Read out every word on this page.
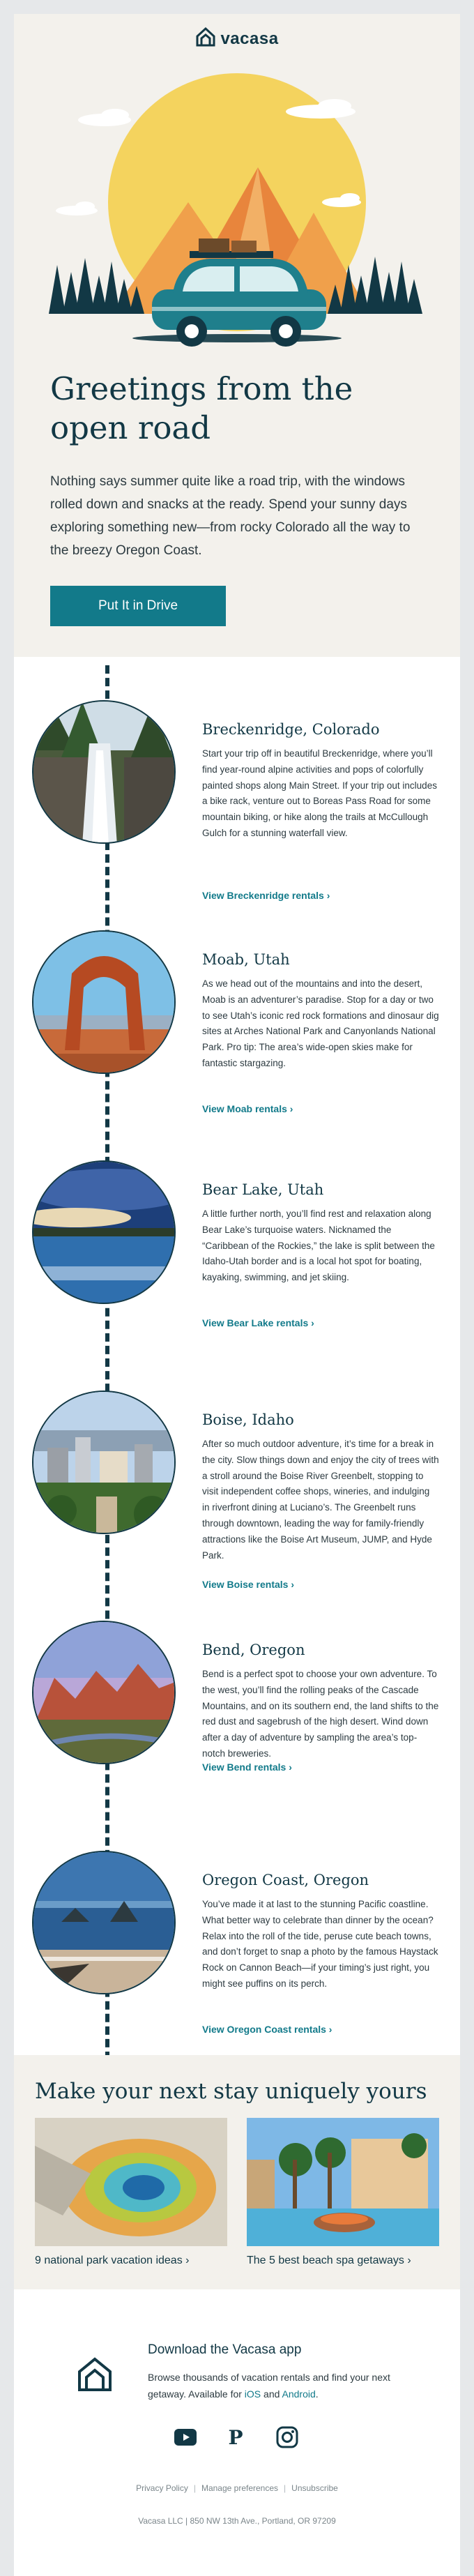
vacasa
Greetings from the open road

Nothing says summer quite like a road trip, with the windows rolled down and snacks at the ready. Spend your sunny days exploring something new—from rocky Colorado all the way to the breezy Oregon Coast.

Put It in Drive
Breckenridge, Colorado

Start your trip off in beautiful Breckenridge, where you’ll find year-round alpine activities and pops of colorfully painted shops along Main Street. If your trip out includes a bike rack, venture out to Boreas Pass Road for some mountain biking, or hike along the trails at McCullough Gulch for a stunning waterfall view.

View Breckenridge rentals ›
Moab, Utah

As we head out of the mountains and into the desert, Moab is an adventurer’s paradise. Stop for a day or two to see Utah’s iconic red rock formations and dinosaur dig sites at Arches National Park and Canyonlands National Park. Pro tip: The area’s wide-open skies make for fantastic stargazing.

View Moab rentals ›
Bear Lake, Utah

A little further north, you’ll find rest and relaxation along Bear Lake’s turquoise waters. Nicknamed the “Caribbean of the Rockies,” the lake is split between the Idaho-Utah border and is a local hot spot for boating, kayaking, swimming, and jet skiing.

View Bear Lake rentals ›
Boise, Idaho

After so much outdoor adventure, it’s time for a break in the city. Slow things down and enjoy the city of trees with a stroll around the Boise River Greenbelt, stopping to visit independent coffee shops, wineries, and indulging in riverfront dining at Luciano’s. The Greenbelt runs through downtown, leading the way for family-friendly attractions like the Boise Art Museum, JUMP, and Hyde Park.

View Boise rentals ›
Bend, Oregon

Bend is a perfect spot to choose your own adventure. To the west, you’ll find the rolling peaks of the Cascade Mountains, and on its southern end, the land shifts to the red dust and sagebrush of the high desert. Wind down after a day of adventure by sampling the area’s top-notch breweries.

View Bend rentals ›
Oregon Coast, Oregon

You’ve made it at last to the stunning Pacific coastline. What better way to celebrate than dinner by the ocean? Relax into the roll of the tide, peruse cute beach towns, and don’t forget to snap a photo by the famous Haystack Rock on Cannon Beach—if your timing’s just right, you might see puffins on its perch.

View Oregon Coast rentals ›
Make your next stay uniquely yours
9 national park vacation ideas ›	The 5 best beach spa getaways ›
Download the Vacasa app
Browse thousands of vacation rentals and find your next getaway. Available for iOS and Android.
P
Privacy Policy | Manage preferences | Unsubscribe
Vacasa LLC | 850 NW 13th Ave., Portland, OR 97209
